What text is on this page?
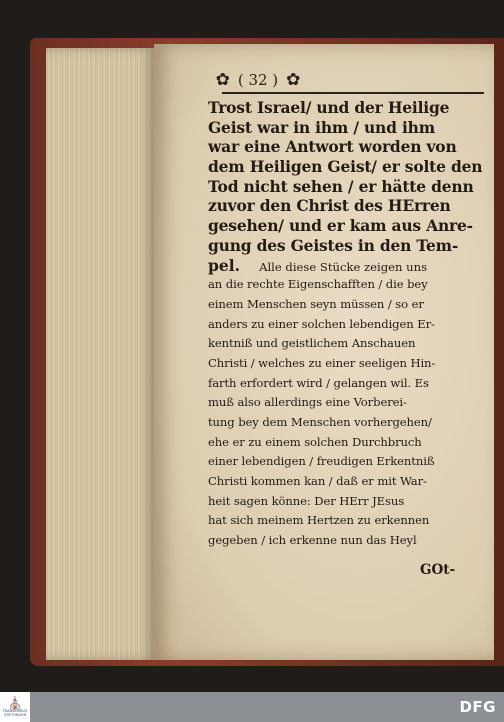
✿ ( 32 ) ✿
Trost Israel/ und der Heilige
Geist war in ihm / und ihm
war eine Antwort worden von
dem Heiligen Geist/ er solte den
Tod nicht sehen / er hätte denn
zuvor den Christ des HErren
gesehen/ und er kam aus Anre-
gung des Geistes in den Tem-
pel. Alle diese Stücke zeigen uns
an die rechte Eigenschafften / die bey
einem Menschen seyn müssen / so er
anders zu einer solchen lebendigen Er-
kentniß und geistlichem Anschauen
Christi / welches zu einer seeligen Hin-
farth erfordert wird / gelangen wil. Es
muß also allerdings eine Vorberei-
tung bey dem Menschen vorhergehen/
ehe er zu einem solchen Durchbruch
einer lebendigen / freudigen Erkentniß
Christi kommen kan / daß er mit War-
heit sagen könne: Der HErr JEsus
hat sich meinem Hertzen zu erkennen
gegeben / ich erkenne nun das Heyl
GOt-
⛪
TRANSKRIBUS STIFTUNGEN	DFG
